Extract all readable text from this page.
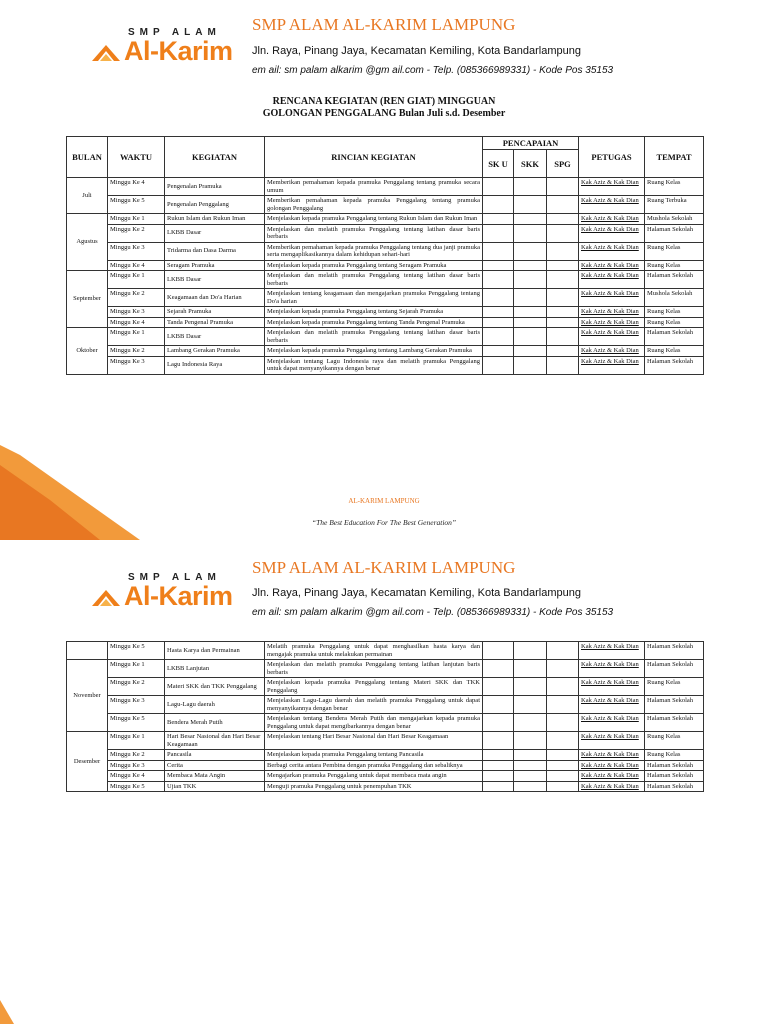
SMP ALAM
Al-Karim
SMP ALAM AL-KARIM LAMPUNG
Jln. Raya, Pinang Jaya, Kecamatan Kemiling, Kota Bandarlampung
em ail: sm palam alkarim @gm ail.com - Telp. (085366989331) - Kode Pos 35153
RENCANA KEGIATAN (REN GIAT) MINGGUAN
GOLONGAN PENGGALANG Bulan Juli s.d. Desember
BULAN	WAKTU	KEGIATAN	RINCIAN KEGIATAN	PENCAPAIAN			PETUGAS	TEMPAT
				SK U	SKK	SPG		
Juli	Minggu Ke 4	Pengenalan Pramuka	Memberikan pemahaman kepada pramuka Penggalang tentang pramuka secara umum				Kak Aziz & Kak Dian	Ruang Kelas
	Minggu Ke 5	Pengenalan Penggalang	Memberikan pemahaman kepada pramuka Penggalang tentang pramuka golongan Penggalang				Kak Aziz & Kak Dian	Ruang Terbuka
Agustus	Minggu Ke 1	Rukun Islam dan Rukun Iman	Menjelaskan kepada pramuka Penggalang tentang Rukun Islam dan Rukun Iman				Kak Aziz & Kak Dian	Mushola Sekolah
	Minggu Ke 2	LKBB Dasar	Menjelaskan dan melatih pramuka Penggalang tentang latihan dasar baris berbaris				Kak Aziz & Kak Dian	Halaman Sekolah
	Minggu Ke 3	Tridarma dan Dasa Darma	Memberikan pemahaman kepada pramuka Penggalang tentang dua janji pramuka serta mengaplikasikannya dalam kehidupan sehari-hari				Kak Aziz & Kak Dian	Ruang Kelas
	Minggu Ke 4	Seragam Pramuka	Menjelaskan kepada pramuka Penggalang tentang Seragam Pramuka				Kak Aziz & Kak Dian	Ruang Kelas
September	Minggu Ke 1	LKBB Dasar	Menjelaskan dan melatih pramuka Penggalang tentang latihan dasar baris berbaris				Kak Aziz & Kak Dian	Halaman Sekolah
	Minggu Ke 2	Keagamaan dan Do'a Harian	Menjelaskan tentang keagamaan dan mengajarkan pramuka Penggalang tentang Do'a harian				Kak Aziz & Kak Dian	Mushola Sekolah
	Minggu Ke 3	Sejarah Pramuka	Menjelaskan kepada pramuka Penggalang tentang Sejarah Pramuka				Kak Aziz & Kak Dian	Ruang Kelas
	Minggu Ke 4	Tanda Pengenal Pramuka	Menjelaskan kepada pramuka Penggalang tentang Tanda Pengenal Pramuka				Kak Aziz & Kak Dian	Ruang Kelas
Oktober	Minggu Ke 1	LKBB Dasar	Menjelaskan dan melatih pramuka Penggalang tentang latihan dasar baris berbaris				Kak Aziz & Kak Dian	Halaman Sekolah
	Minggu Ke 2	Lambang Gerakan Pramuka	Menjelaskan kepada pramuka Penggalang tentang Lambang Gerakan Pramuka				Kak Aziz & Kak Dian	Ruang Kelas
	Minggu Ke 3	Lagu Indonesia Raya	Menjelaskan tentang Lagu Indonesia raya dan melatih pramuka Penggalang untuk dapat menyanyikannya dengan benar				Kak Aziz & Kak Dian	Halaman Sekolah
AL-KARIM LAMPUNG
“The Best Education For The Best Generation”
SMP ALAM
Al-Karim
SMP ALAM AL-KARIM LAMPUNG
Jln. Raya, Pinang Jaya, Kecamatan Kemiling, Kota Bandarlampung
em ail: sm palam alkarim @gm ail.com - Telp. (085366989331) - Kode Pos 35153
	Minggu Ke 5	Hasta Karya dan Permainan	Melatih pramuka Penggalang untuk dapat menghasilkan hasta karya dan mengajak pramuka untuk melakukan permainan				Kak Aziz & Kak Dian	Halaman Sekolah
November	Minggu Ke 1	LKBB Lanjutan	Menjelaskan dan melatih pramuka Penggalang tentang latihan lanjutan baris berbaris				Kak Aziz & Kak Dian	Halaman Sekolah
	Minggu Ke 2	Materi SKK dan TKK Penggalang	Menjelaskan kepada pramuka Penggalang tentang Materi SKK dan TKK Penggalang				Kak Aziz & Kak Dian	Ruang Kelas
	Minggu Ke 3	Lagu-Lagu daerah	Menjelaskan Lagu-Lagu daerah dan melatih pramuka Penggalang untuk dapat menyanyikannya dengan benar				Kak Aziz & Kak Dian	Halaman Sekolah
	Minggu Ke 5	Bendera Merah Putih	Menjelaskan tentang Bendera Merah Putih dan mengajarkan kepada pramuka Penggalang untuk dapat mengibarkannya dengan benar				Kak Aziz & Kak Dian	Halaman Sekolah
Desember	Minggu Ke 1	Hari Besar Nasional dan Hari Besar Keagamaan	Menjelaskan tentang Hari Besar Nasional dan Hari Besar Keagamaan				Kak Aziz & Kak Dian	Ruang Kelas
	Minggu Ke 2	Pancasila	Menjelaskan kepada pramuka Penggalang tentang Pancasila				Kak Aziz & Kak Dian	Ruang Kelas
	Minggu Ke 3	Cerita	Berbagi cerita antara Pembina dengan pramuka Penggalang dan sebaliknya				Kak Aziz & Kak Dian	Halaman Sekolah
	Minggu Ke 4	Membaca Mata Angin	Mengajarkan pramuka Penggalang untuk dapat membaca mata angin				Kak Aziz & Kak Dian	Halaman Sekolah
	Minggu Ke 5	Ujian TKK	Menguji pramuka Penggalang untuk penempuhan TKK				Kak Aziz & Kak Dian	Halaman Sekolah
